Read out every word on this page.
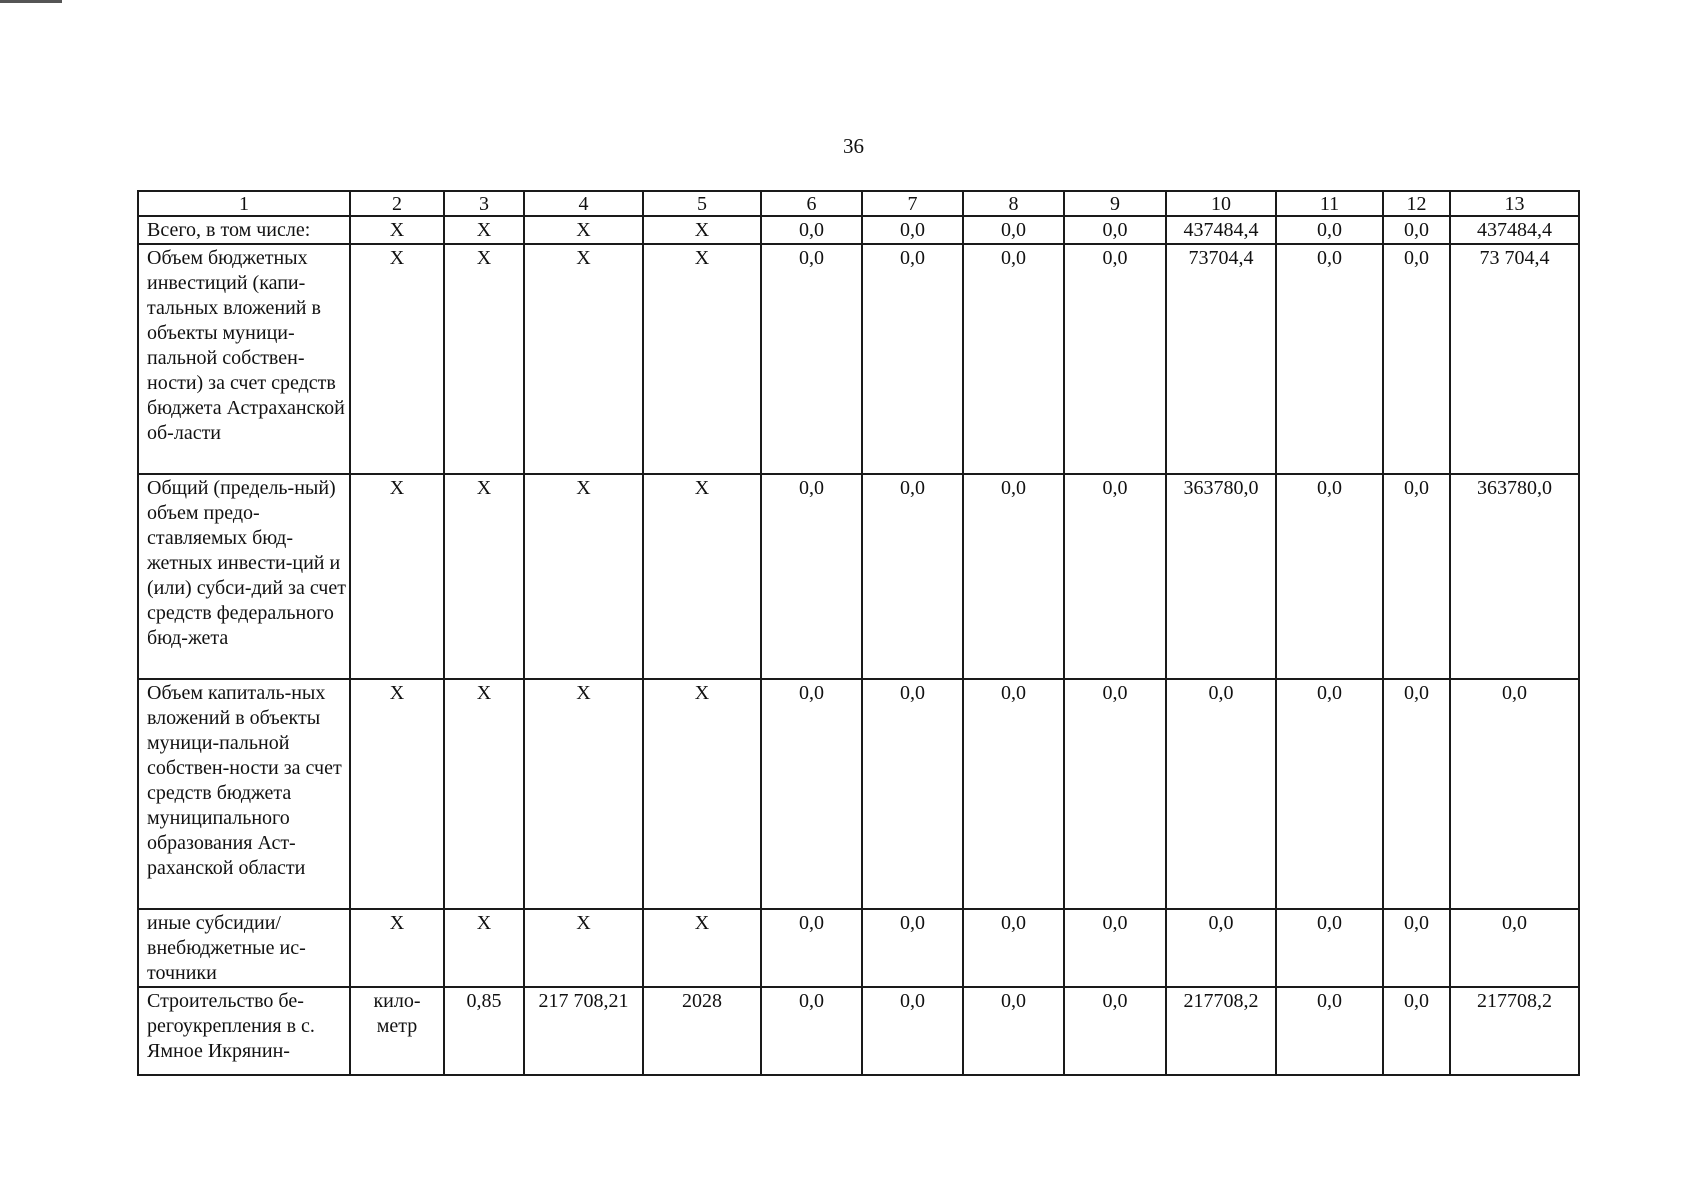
36
1	2	3	4	5	6	7	8	9	10	11	12	13
Всего, в том числе:	Х	Х	Х	Х	0,0	0,0	0,0	0,0	437484,4	0,0	0,0	437484,4
Объем бюджетных инвестиций (капи-тальных вложений в объекты муници-пальной собствен-ности) за счет средств бюджета Астраханской об-ласти	Х	Х	Х	Х	0,0	0,0	0,0	0,0	73704,4	0,0	0,0	73 704,4
Общий (предель-ный) объем предо-ставляемых бюд-жетных инвести-ций и (или) субси-дий за счет средств федерального бюд-жета	Х	Х	Х	Х	0,0	0,0	0,0	0,0	363780,0	0,0	0,0	363780,0
Объем капиталь-ных вложений в объекты муници-пальной собствен-ности за счет средств бюджета муниципального образования Аст-раханской области	Х	Х	Х	Х	0,0	0,0	0,0	0,0	0,0	0,0	0,0	0,0
иные субсидии/ внебюджетные ис-точники	Х	Х	Х	Х	0,0	0,0	0,0	0,0	0,0	0,0	0,0	0,0
Строительство бе-регоукрепления в с. Ямное Икрянин-	кило-метр	0,85	217 708,21	2028	0,0	0,0	0,0	0,0	217708,2	0,0	0,0	217708,2
